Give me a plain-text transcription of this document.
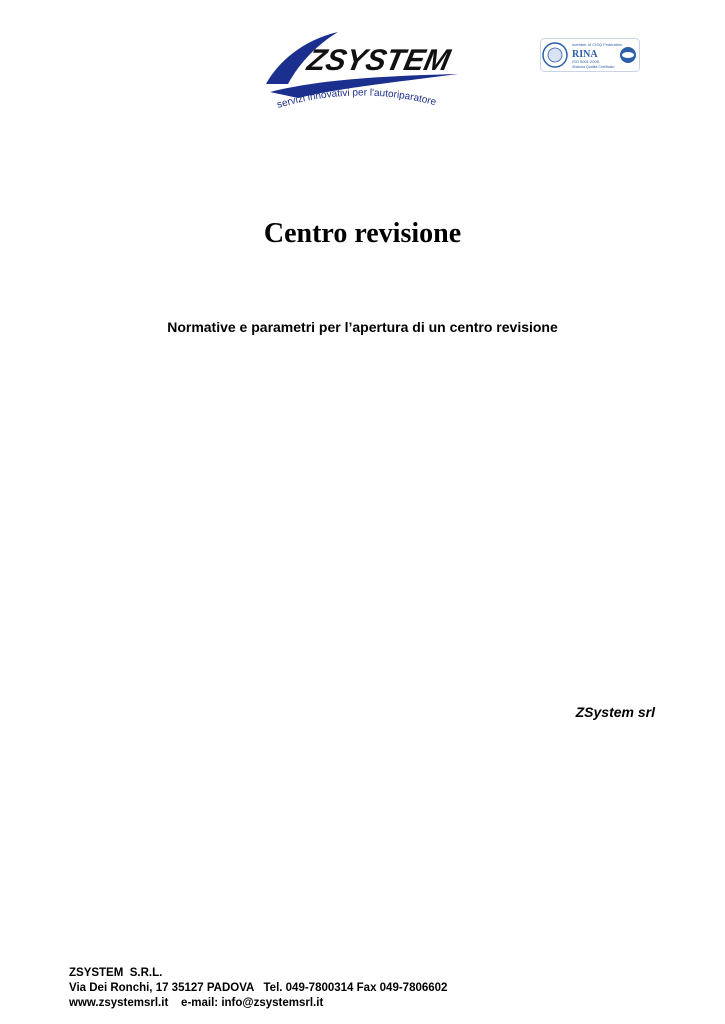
ZSYSTEM
servizi innovativi per l'autoriparatore
member of CISQ Federation
RINA
ISO 9001:2008
Sistema Qualità Certificato
Centro revisione
Normative e parametri per l’apertura di un centro revisione
ZSystem srl
ZSYSTEM  S.R.L.
Via Dei Ronchi, 17 35127 PADOVA   Tel. 049-7800314 Fax 049-7806602
www.zsystemsrl.it    e-mail: info@zsystemsrl.it
